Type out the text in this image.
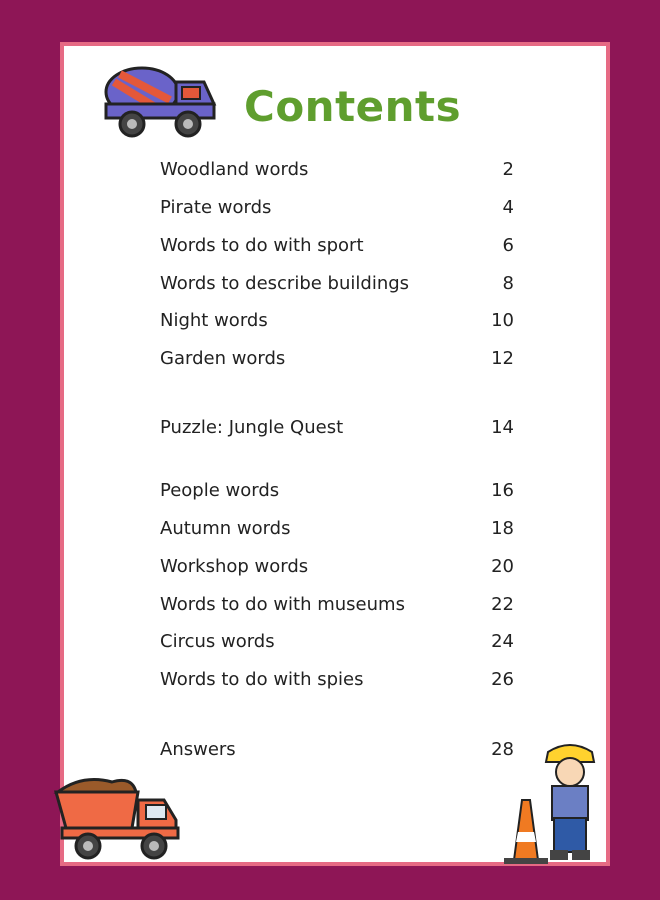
Contents
Woodland words	2
Pirate words	4
Words to do with sport	6
Words to describe buildings	8
Night words	10
Garden words	12
Puzzle: Jungle Quest	14
People words	16
Autumn words	18
Workshop words	20
Words to do with museums	22
Circus words	24
Words to do with spies	26
Answers	28
